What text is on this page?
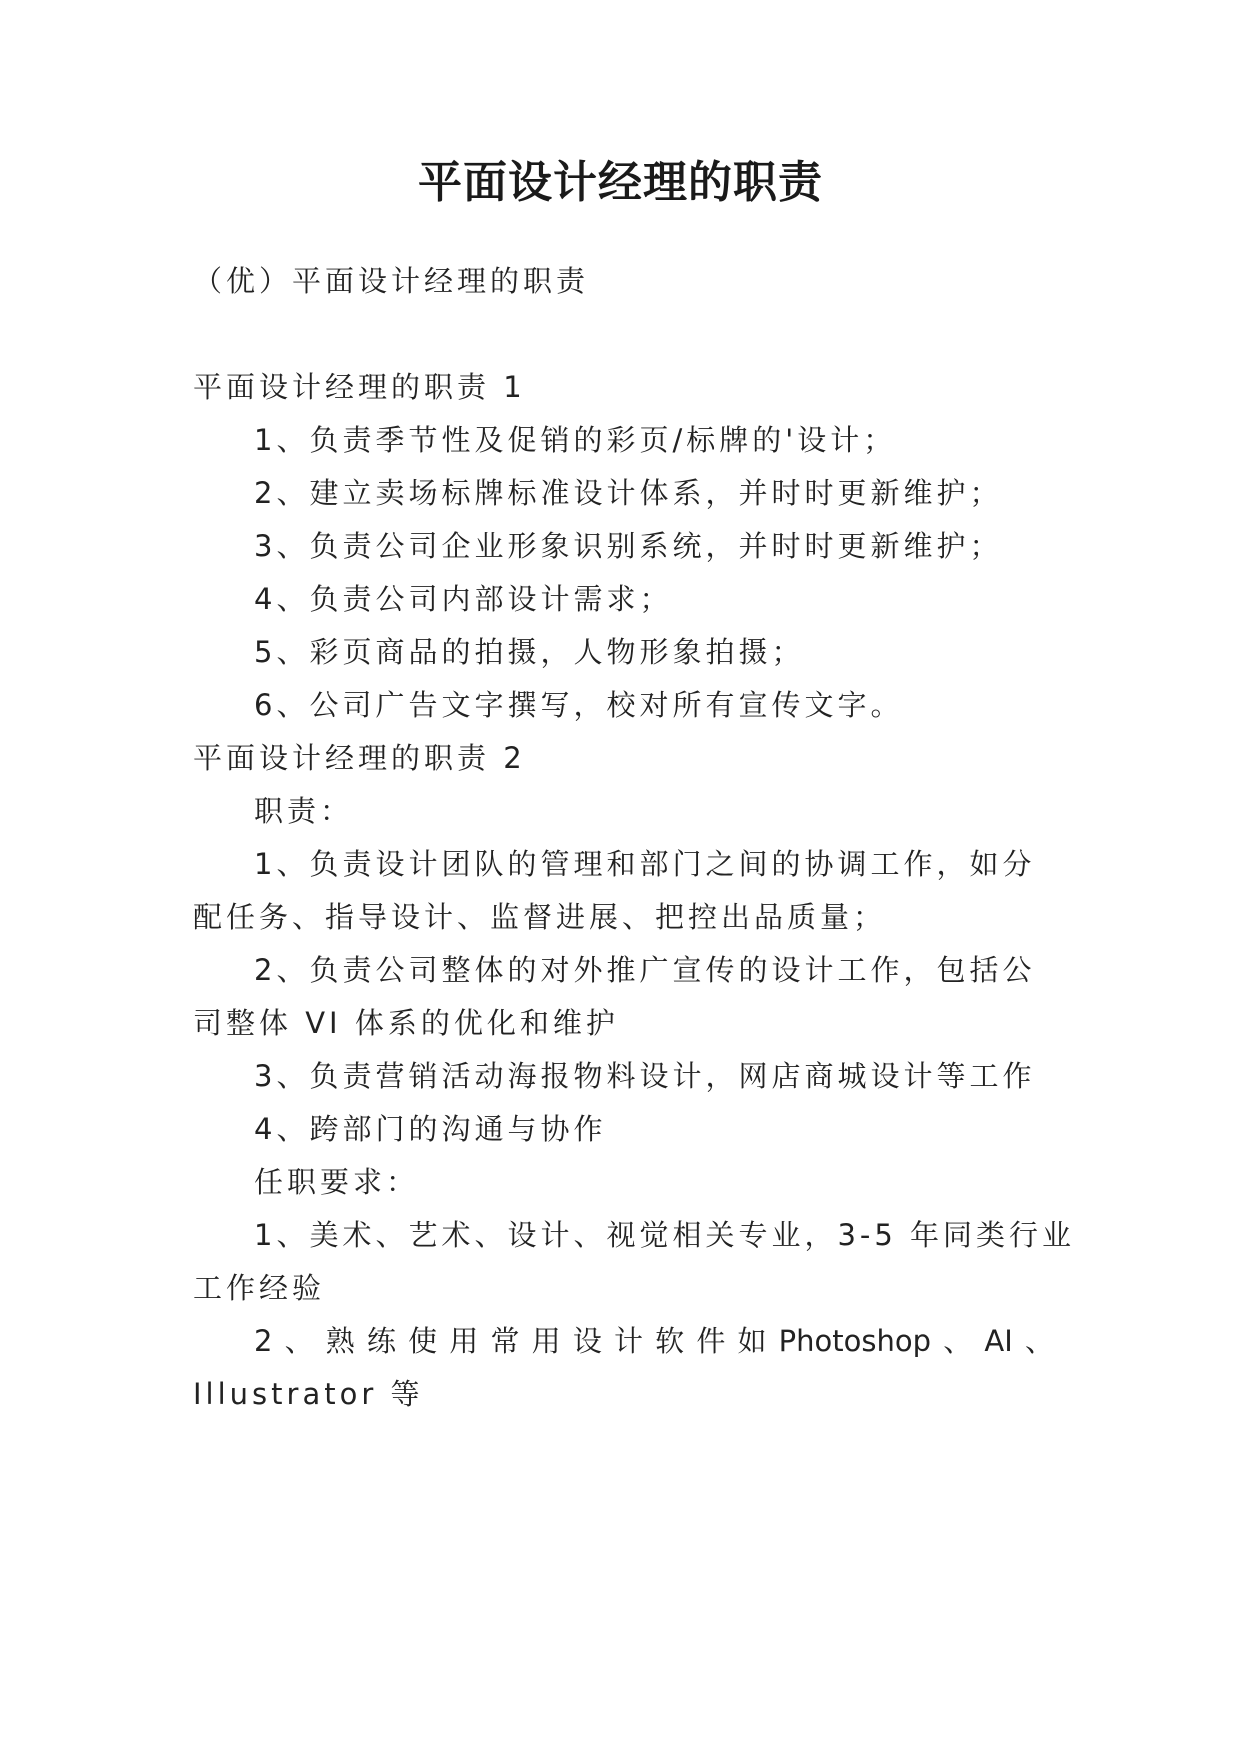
平面设计经理的职责
（优）平面设计经理的职责
平面设计经理的职责 1
1、负责季节性及促销的彩页/标牌的'设计；
2、建立卖场标牌标准设计体系，并时时更新维护；
3、负责公司企业形象识别系统，并时时更新维护；
4、负责公司内部设计需求；
5、彩页商品的拍摄，人物形象拍摄；
6、公司广告文字撰写，校对所有宣传文字。
平面设计经理的职责 2
职责：
1、负责设计团队的管理和部门之间的协调工作，如分
配任务、指导设计、监督进展、把控出品质量；
2、负责公司整体的对外推广宣传的设计工作，包括公
司整体 VI 体系的优化和维护
3、负责营销活动海报物料设计，网店商城设计等工作
4、跨部门的沟通与协作
任职要求：
1、美术、艺术、设计、视觉相关专业，3-5 年同类行业
工作经验
2 、 熟 练 使 用 常 用 设 计 软 件 如 Photoshop 、 AI 、
Illustrator 等
